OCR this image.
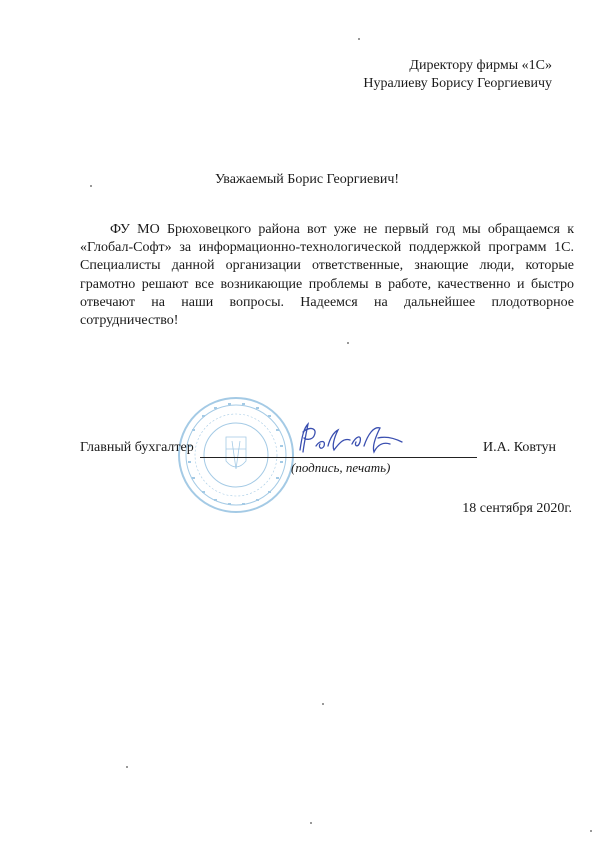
Директору фирмы «1С»
Нуралиеву Борису Георгиевичу
Уважаемый Борис Георгиевич!

ФУ МО Брюховецкого района вот уже не первый год мы обращаемся к «Глобал-Софт» за информационно-технологической поддержкой программ 1С. Специалисты данной организации ответственные, знающие люди, которые грамотно решают все возникающие проблемы в работе, качественно и быстро отвечают на наши вопросы. Надеемся на дальнейшее плодотворное сотрудничество!

Главный бухгалтер	И.А. Ковтун
(подпись, печать)
18 сентября 2020г.
